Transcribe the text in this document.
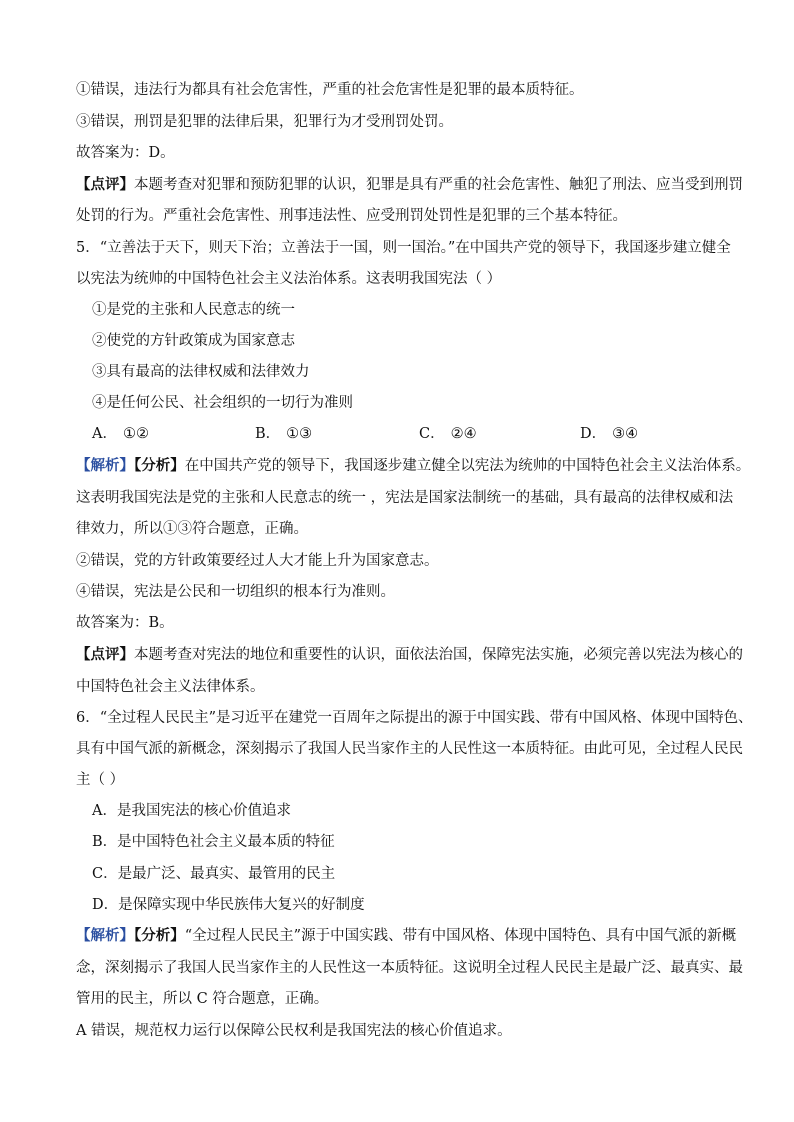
①错误，违法行为都具有社会危害性，严重的社会危害性是犯罪的最本质特征。
③错误，刑罚是犯罪的法律后果，犯罪行为才受刑罚处罚。
故答案为：D。
【点评】本题考查对犯罪和预防犯罪的认识，犯罪是具有严重的社会危害性、触犯了刑法、应当受到刑罚
处罚的行为。严重社会危害性、刑事违法性、应受刑罚处罚性是犯罪的三个基本特征。
5．“立善法于天下，则天下治；立善法于一国，则一国治。”在中国共产党的领导下，我国逐步建立健全
以宪法为统帅的中国特色社会主义法治体系。这表明我国宪法（ ）
①是党的主张和人民意志的统一
②使党的方针政策成为国家意志
③具有最高的法律权威和法律效力
④是任何公民、社会组织的一切行为准则
A． ①②	B． ①③	C． ②④	D． ③④
【解析】【分析】在中国共产党的领导下，我国逐步建立健全以宪法为统帅的中国特色社会主义法治体系。
这表明我国宪法是党的主张和人民意志的统一 ，宪法是国家法制统一的基础，具有最高的法律权威和法
律效力，所以①③符合题意，正确。
②错误，党的方针政策要经过人大才能上升为国家意志。
④错误，宪法是公民和一切组织的根本行为准则。
故答案为：B。
【点评】本题考查对宪法的地位和重要性的认识，面依法治国，保障宪法实施，必须完善以宪法为核心的
中国特色社会主义法律体系。
6．“全过程人民民主”是习近平在建党一百周年之际提出的源于中国实践、带有中国风格、体现中国特色、
具有中国气派的新概念，深刻揭示了我国人民当家作主的人民性这一本质特征。由此可见，全过程人民民
主（ ）
A．是我国宪法的核心价值追求
B．是中国特色社会主义最本质的特征
C．是最广泛、最真实、最管用的民主
D．是保障实现中华民族伟大复兴的好制度
【解析】【分析】“全过程人民民主”源于中国实践、带有中国风格、体现中国特色、具有中国气派的新概
念，深刻揭示了我国人民当家作主的人民性这一本质特征。这说明全过程人民民主是最广泛、最真实、最
管用的民主，所以 C 符合题意，正确。
A 错误，规范权力运行以保障公民权利是我国宪法的核心价值追求。
